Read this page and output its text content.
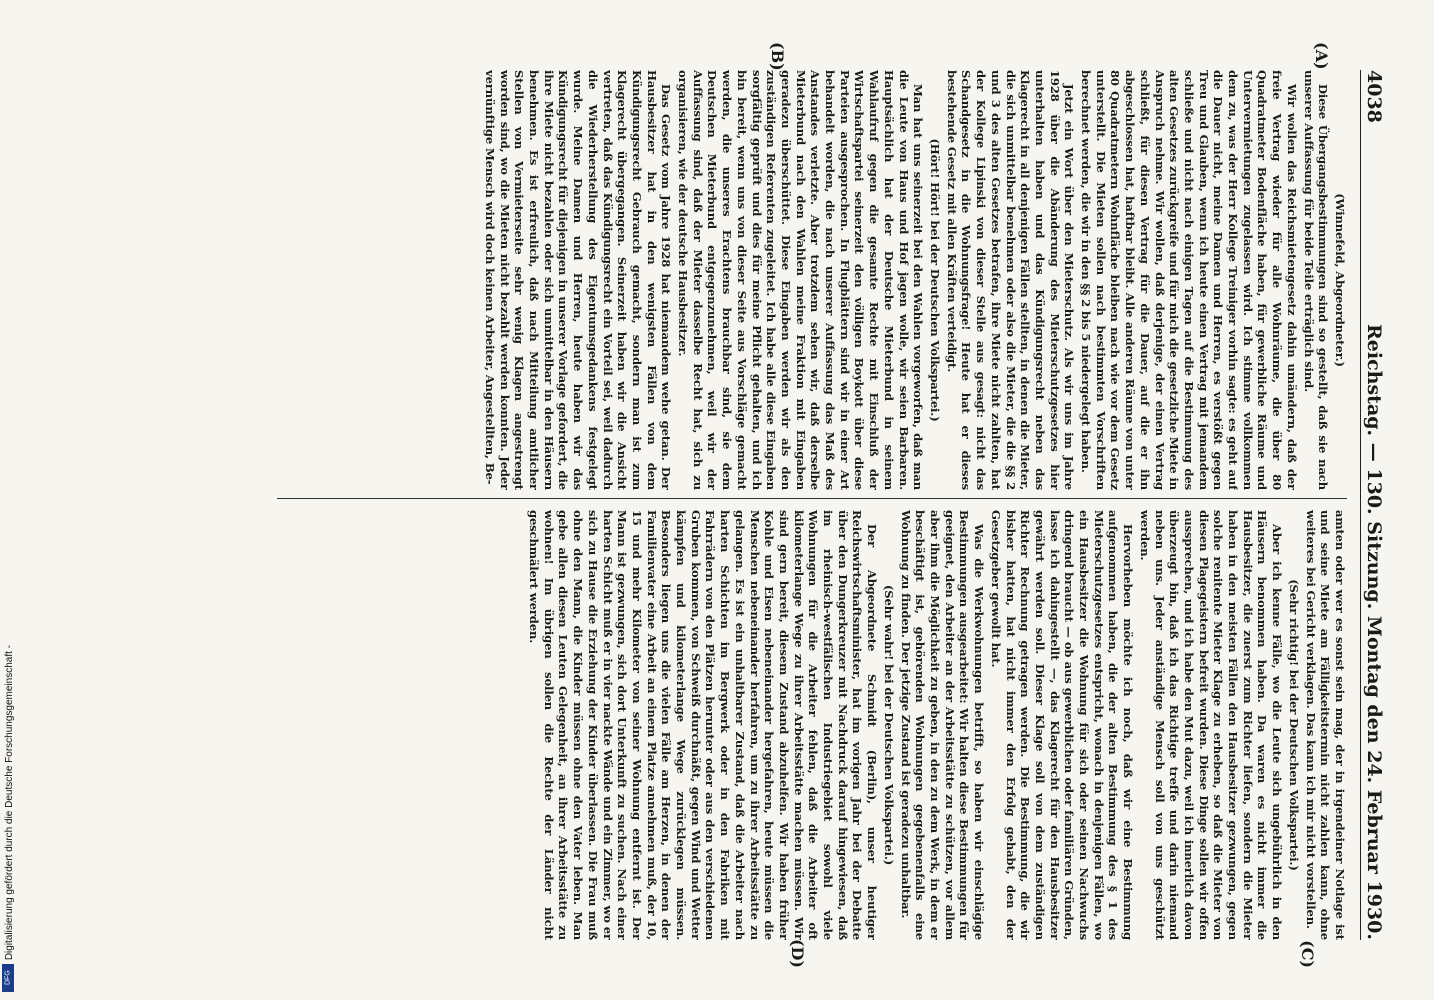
4038
Reichstag. — 130. Sitzung. Montag den 24. Februar 1930.
(A)
(B)
(C)
(D)

(Winnefeld, Abgeordneter.)

Diese Übergangsbestimmungen sind so gestellt, daß sie nach unserer Auffassung für beide Teile erträglich sind.

Wir wollen das Reichsmietengesetz dahin umändern, daß der freie Vertrag wieder für alle Wohnräume, die über 80 Quadratmeter Bodenfläche haben, für gewerbliche Räume und Untervermietungen zugelassen wird. Ich stimme vollkommen dem zu, was der Herr Kollege Treiniger vorhin sagte: es geht auf die Dauer nicht, meine Damen und Herren, es verstößt gegen Treu und Glauben, wenn ich heute einen Vertrag mit jemandem schließe und nicht nach einigen Tagen auf die Bestimmung des alten Gesetzes zurückgreife und für mich die gesetzliche Miete in Anspruch nehme. Wir wollen, daß derjenige, der einen Vertrag schließt, für diesen Vertrag für die Dauer, auf die er ihn abgeschlossen hat, haftbar bleibt. Alle anderen Räume von unter 80 Quadratmetern Wohnfläche bleiben nach wie vor dem Gesetz unterstellt. Die Mieten sollen nach bestimmten Vorschriften berechnet werden, die wir in den §§ 2 bis 5 niedergelegt haben.

Jetzt ein Wort über den Mieterschutz. Als wir uns im Jahre 1928 über die Abänderung des Mieterschutzgesetzes hier unterhalten haben und das Kündigungsrecht neben das Klagerecht in all denjenigen Fällen stellten, in denen die Mieter, die sich unmittelbar benehmen oder also die Mieter, die die §§ 2 und 3 des alten Gesetzes betrafen, ihre Miete nicht zahlten, hat der Kollege Lipinski von dieser Stelle aus gesagt: nicht das Schandgesetz in die Wohnungsfrage! Heute hat er dieses bestehende Gesetz mit allen Kräften verteidigt.

(Hört! Hört! bei der Deutschen Volkspartei.)

Man hat uns seinerzeit bei den Wahlen vorgeworfen, daß man die Leute von Haus und Hof jagen wolle, wir seien Barbaren. Hauptsächlich hat der Deutsche Mieterbund in seinem Wahlaufruf gegen die gesamte Rechte mit Einschluß der Wirtschaftspartei seinerzeit den völligen Boykott über diese Parteien ausgesprochen. In Flugblättern sind wir in einer Art behandelt worden, die nach unserer Auffassung das Maß des Anstandes verletzte. Aber trotzdem sehen wir, daß derselbe Mieterbund nach den Wahlen meine Fraktion mit Eingaben geradezu überschüttet. Diese Eingaben werden wir als den zuständigen Referenten zugeleitet. Ich habe alle diese Eingaben sorgfältig geprüft und dies für meine Pflicht gehalten, und ich bin bereit, wenn uns von dieser Seite aus Vorschläge gemacht werden, die unseres Erachtens brauchbar sind, sie dem Deutschen Mieterbund entgegenzunehmen, weil wir der Auffassung sind, daß der Mieter dasselbe Recht hat, sich zu organisieren, wie der deutsche Hausbesitzer.

Das Gesetz vom Jahre 1928 hat niemandem wehe getan. Der Hausbesitzer hat in den wenigsten Fällen von dem Kündigungsrecht Gebrauch gemacht, sondern man ist zum Klagerecht übergegangen. Seinerzeit haben wir die Ansicht vertreten, daß das Kündigungsrecht ein Vorteil sei, weil dadurch die Wiederherstellung des Eigentumsgedankens festgelegt wurde. Meine Damen und Herren, heute haben wir das Kündigungsrecht für diejenigen in unserer Vorlage gefordert, die ihre Miete nicht bezahlen oder sich unmittelbar in den Häusern benehmen. Es ist erfreulich, daß nach Mitteilung amtlicher Stellen von Vermieterseite sehr wenig Klagen angestrengt worden sind, wo die Mieten nicht bezahlt werden konnten. Jeder vernünftige Mensch wird doch keinen Arbeiter, Angestellten, Be-

amten oder wer es sonst sein mag, der in irgendeiner Notlage ist und seine Miete am Fälligkeitstermin nicht zahlen kann, ohne weiteres bei Gericht verklagen. Das kann ich mir nicht vorstellen.

(Sehr richtig! bei der Deutschen Volkspartei.)

Aber ich kenne Fälle, wo die Leute sich ungebührlich in den Häusern benommen haben. Da waren es nicht immer die Hausbesitzer, die zuerst zum Richter liefen, sondern die Mieter haben in den meisten Fällen den Hausbesitzer gezwungen, gegen solche renitente Mieter Klage zu erheben, so daß die Mieter von diesen Plagegeistern befreit wurden. Diese Dinge sollen wir offen aussprechen, und ich habe den Mut dazu, weil ich innerlich davon überzeugt bin, daß ich das Richtige treffe und darin niemand neben uns. Jeder anständige Mensch soll von uns geschützt werden.

Hervorheben möchte ich noch, daß wir eine Bestimmung aufgenommen haben, die der alten Bestimmung des § 1 des Mieterschutzgesetzes entspricht, wonach in denjenigen Fällen, wo ein Hausbesitzer die Wohnung für sich oder seinen Nachwuchs dringend braucht — ob aus gewerblichen oder familiären Gründen, lasse ich dahingestellt —, das Klagerecht für den Hausbesitzer gewährt werden soll. Dieser Klage soll von dem zuständigen Richter Rechnung getragen werden. Die Bestimmung, die wir bisher hatten, hat nicht immer den Erfolg gehabt, den der Gesetzgeber gewollt hat.

Was die Werkwohnungen betrifft, so haben wir einschlägige Bestimmungen ausgearbeitet: Wir halten diese Bestimmungen für geeignet, den Arbeiter an der Arbeitsstätte zu schützen, vor allem aber ihm die Möglichkeit zu geben, in den zu dem Werk, in dem er beschäftigt ist, gehörenden Wohnungen gegebenenfalls eine Wohnung zu finden. Der jetzige Zustand ist geradezu unhaltbar.

(Sehr wahr! bei der Deutschen Volkspartei.)

Der Abgeordnete Schmidt (Berlin), unser heutiger Reichswirtschaftsminister, hat im vorigen Jahr bei der Debatte über den Dungerkreuzer mit Nachdruck darauf hingewiesen, daß im rheinisch-westfälischen Industriegebiet sowohl viele Wohnungen für die Arbeiter fehlen, daß die Arbeiter oft kilometerlange Wege zu ihrer Arbeitsstätte machen müssen. Wir sind gern bereit, diesem Zustand abzuhelfen. Wir haben früher Kohle und Eisen nebeneinander hergefahren, heute müssen die Menschen nebeneinander herfahren, um zu ihrer Arbeitsstätte zu gelangen. Es ist ein unhaltbarer Zustand, daß die Arbeiter nach harten Schichten im Bergwerk oder in den Fabriken mit Fahrrädern von den Plätzen herunter oder aus den verschiedenen Gruben kommen, von Schweiß durchnäßt, gegen Wind und Wetter kämpfen und kilometerlange Wege zurücklegen müssen. Besonders liegen uns die vielen Fälle am Herzen, in denen der Familienvater eine Arbeit an einem Platze annehmen muß, der 10, 15 und mehr Kilometer von seiner Wohnung entfernt ist. Der Mann ist gezwungen, sich dort Unterkunft zu suchen. Nach einer harten Schicht muß er in vier nackte Wände und ein Zimmer, wo er sich zu Hause die Erziehung der Kinder überlassen. Die Frau muß ohne den Mann, die Kinder müssen ohne den Vater leben. Man gebe allen diesen Leuten Gelegenheit, an ihrer Arbeitsstätte zu wohnen! Im übrigen sollen die Rechte der Länder nicht geschmälert werden.

Digitalisierung gefördert durch die Deutsche Forschungsgemeinschaft -
DFG
